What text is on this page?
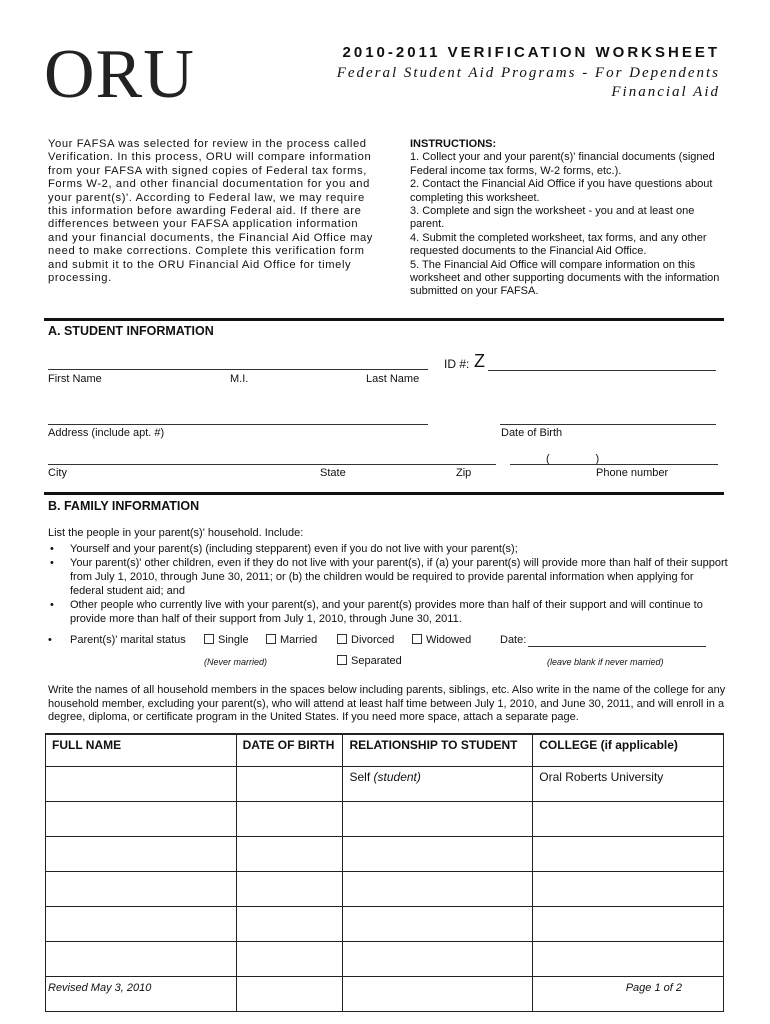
ORU	2010-2011 VERIFICATION WORKSHEET
Federal Student Aid Programs - For Dependents
Financial Aid
Your FAFSA was selected for review in the process called Verification. In this process, ORU will compare information from your FAFSA with signed copies of Federal tax forms, Forms W-2, and other financial documentation for you and your parent(s)'. According to Federal law, we may require this information before awarding Federal aid. If there are differences between your FAFSA application information and your financial documents, the Financial Aid Office may need to make corrections. Complete this verification form and submit it to the ORU Financial Aid Office for timely processing.
INSTRUCTIONS:
1. Collect your and your parent(s)' financial documents (signed Federal income tax forms, W-2 forms, etc.).
2. Contact the Financial Aid Office if you have questions about completing this worksheet.
3. Complete and sign the worksheet - you and at least one parent.
4. Submit the completed worksheet, tax forms, and any other requested documents to the Financial Aid Office.
5. The Financial Aid Office will compare information on this worksheet and other supporting documents with the information submitted on your FAFSA.
A. STUDENT INFORMATION
First Name	M.I.	Last Name
ID #: Z
Address (include apt. #)	Date of Birth
City	State	Zip
(               )
Phone number
B. FAMILY INFORMATION
List the people in your parent(s)' household. Include:
• Yourself and your parent(s) (including stepparent) even if you do not live with your parent(s);
• Your parent(s)' other children, even if they do not live with your parent(s), if (a) your parent(s) will provide more than half of their support from July 1, 2010, through June 30, 2011; or (b) the children would be required to provide parental information when applying for federal student aid; and
• Other people who currently live with your parent(s), and your parent(s) provides more than half of their support and will continue to provide more than half of their support from July 1, 2010, through June 30, 2011.
• Parent(s)' marital status	Single	Married	Divorced	Widowed	Date:
(Never married)	Separated	(leave blank if never married)
Write the names of all household members in the spaces below including parents, siblings, etc. Also write in the name of the college for any household member, excluding your parent(s), who will attend at least half time between July 1, 2010, and June 30, 2011, and will enroll in a degree, diploma, or certificate program in the United States. If you need more space, attach a separate page.
FULL NAME	DATE OF BIRTH	RELATIONSHIP TO STUDENT	COLLEGE (if applicable)
		Self (student)	Oral Roberts University

Revised May 3, 2010	Page 1 of 2
